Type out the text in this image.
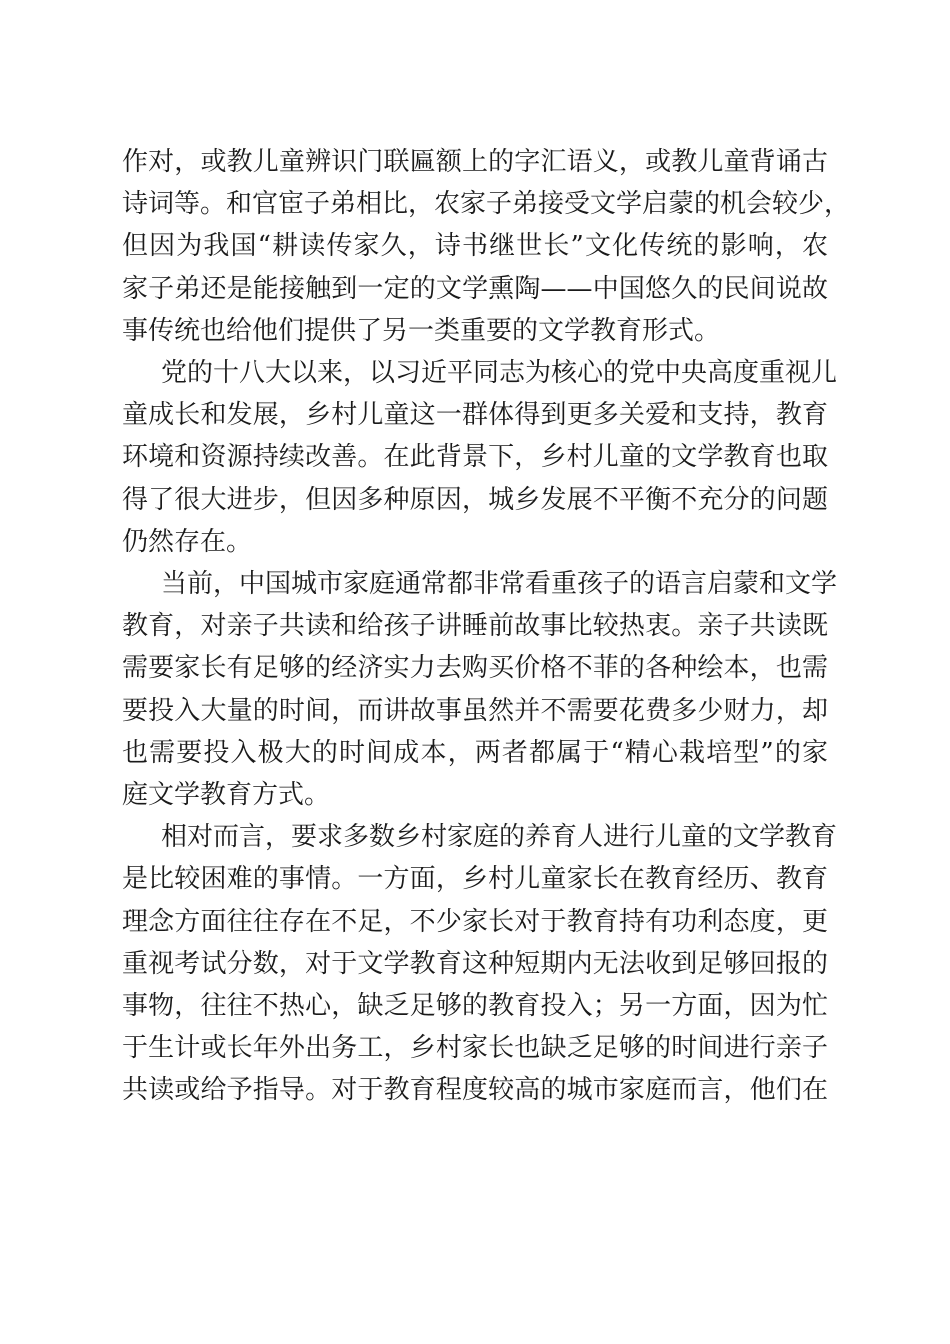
作对，或教儿童辨识门联匾额上的字汇语义，或教儿童背诵古
诗词等。和官宦子弟相比，农家子弟接受文学启蒙的机会较少，
但因为我国“耕读传家久，诗书继世长”文化传统的影响，农
家子弟还是能接触到一定的文学熏陶——中国悠久的民间说故
事传统也给他们提供了另一类重要的文学教育形式。

党的十八大以来，以习近平同志为核心的党中央高度重视儿
童成长和发展，乡村儿童这一群体得到更多关爱和支持，教育
环境和资源持续改善。在此背景下，乡村儿童的文学教育也取
得了很大进步，但因多种原因，城乡发展不平衡不充分的问题
仍然存在。

当前，中国城市家庭通常都非常看重孩子的语言启蒙和文学
教育，对亲子共读和给孩子讲睡前故事比较热衷。亲子共读既
需要家长有足够的经济实力去购买价格不菲的各种绘本，也需
要投入大量的时间，而讲故事虽然并不需要花费多少财力，却
也需要投入极大的时间成本，两者都属于“精心栽培型”的家
庭文学教育方式。

相对而言，要求多数乡村家庭的养育人进行儿童的文学教育
是比较困难的事情。一方面，乡村儿童家长在教育经历、教育
理念方面往往存在不足，不少家长对于教育持有功利态度，更
重视考试分数，对于文学教育这种短期内无法收到足够回报的
事物，往往不热心，缺乏足够的教育投入；另一方面，因为忙
于生计或长年外出务工，乡村家长也缺乏足够的时间进行亲子
共读或给予指导。对于教育程度较高的城市家庭而言，他们在
